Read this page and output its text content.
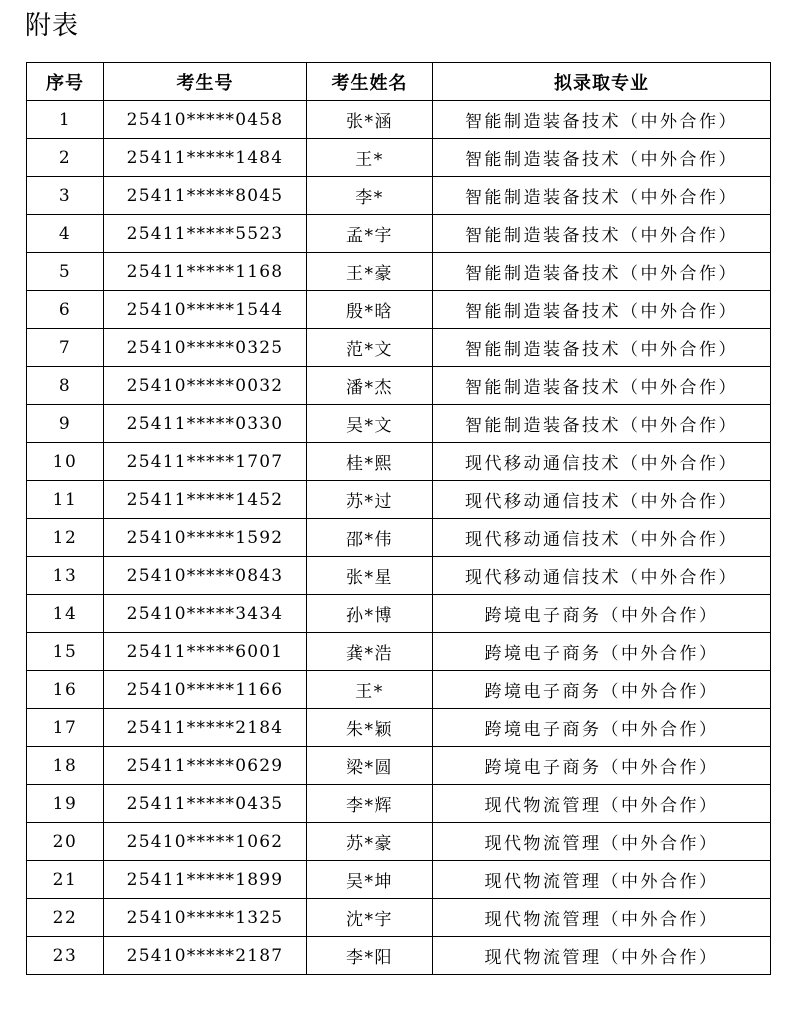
附表
序号	考生号	考生姓名	拟录取专业
1	25410*****0458	张*涵	智能制造装备技术（中外合作）
2	25411*****1484	王*	智能制造装备技术（中外合作）
3	25411*****8045	李*	智能制造装备技术（中外合作）
4	25411*****5523	孟*宇	智能制造装备技术（中外合作）
5	25411*****1168	王*豪	智能制造装备技术（中外合作）
6	25410*****1544	殷*晗	智能制造装备技术（中外合作）
7	25410*****0325	范*文	智能制造装备技术（中外合作）
8	25410*****0032	潘*杰	智能制造装备技术（中外合作）
9	25411*****0330	吴*文	智能制造装备技术（中外合作）
10	25411*****1707	桂*熙	现代移动通信技术（中外合作）
11	25411*****1452	苏*过	现代移动通信技术（中外合作）
12	25410*****1592	邵*伟	现代移动通信技术（中外合作）
13	25410*****0843	张*星	现代移动通信技术（中外合作）
14	25410*****3434	孙*博	跨境电子商务（中外合作）
15	25411*****6001	龚*浩	跨境电子商务（中外合作）
16	25410*****1166	王*	跨境电子商务（中外合作）
17	25411*****2184	朱*颖	跨境电子商务（中外合作）
18	25411*****0629	梁*圆	跨境电子商务（中外合作）
19	25411*****0435	李*辉	现代物流管理（中外合作）
20	25410*****1062	苏*豪	现代物流管理（中外合作）
21	25411*****1899	吴*坤	现代物流管理（中外合作）
22	25410*****1325	沈*宇	现代物流管理（中外合作）
23	25410*****2187	李*阳	现代物流管理（中外合作）
